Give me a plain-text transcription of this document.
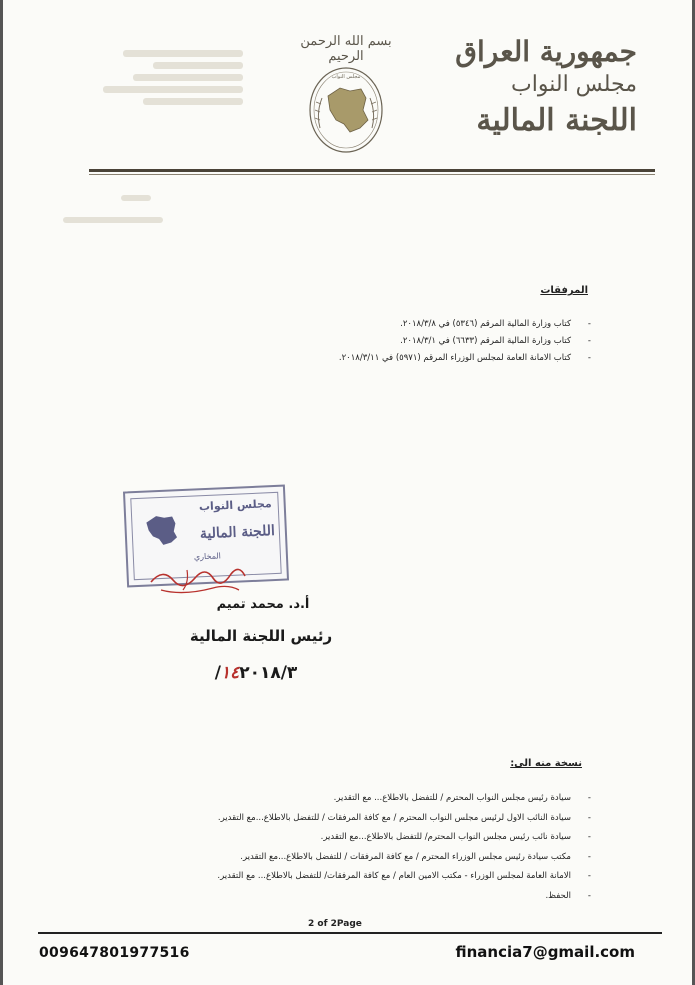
جمهورية العراق
مجلس النواب
اللجنة المالية
بسم الله الرحمن الرحيم
مجلس النواب
المرفقات
- كتاب وزارة المالية المرقم (٥٣٤٦) في ٢٠١٨/٣/٨.
- كتاب وزارة المالية المرقم (٦٦٣٣) في ٢٠١٨/٣/١.
- كتاب الامانة العامة لمجلس الوزراء المرقم (٥٩٧١) في ٢٠١٨/٣/١١.
مجلس النواب
اللجنة المالية
المخاري
أ.د. محمد تميم
رئيس اللجنة المالية
١٤٢٠١٨/٣/
نسخة منه الى:
- سيادة رئيس مجلس النواب المحترم / للتفضل بالاطلاع... مع التقدير.
- سيادة النائب الاول لرئيس مجلس النواب المحترم / مع كافة المرفقات / للتفضل بالاطلاع...مع التقدير.
- سيادة نائب رئيس مجلس النواب المحترم/ للتفضل بالاطلاع...مع التقدير.
- مكتب سيادة رئيس مجلس الوزراء المحترم / مع كافة المرفقات / للتفضل بالاطلاع...مع التقدير.
- الامانة العامة لمجلس الوزراء - مكتب الامين العام / مع كافة المرفقات/ للتفضل بالاطلاع... مع التقدير.
- الحفظ.
2 of 2Page
009647801977516	financia7@gmail.com
